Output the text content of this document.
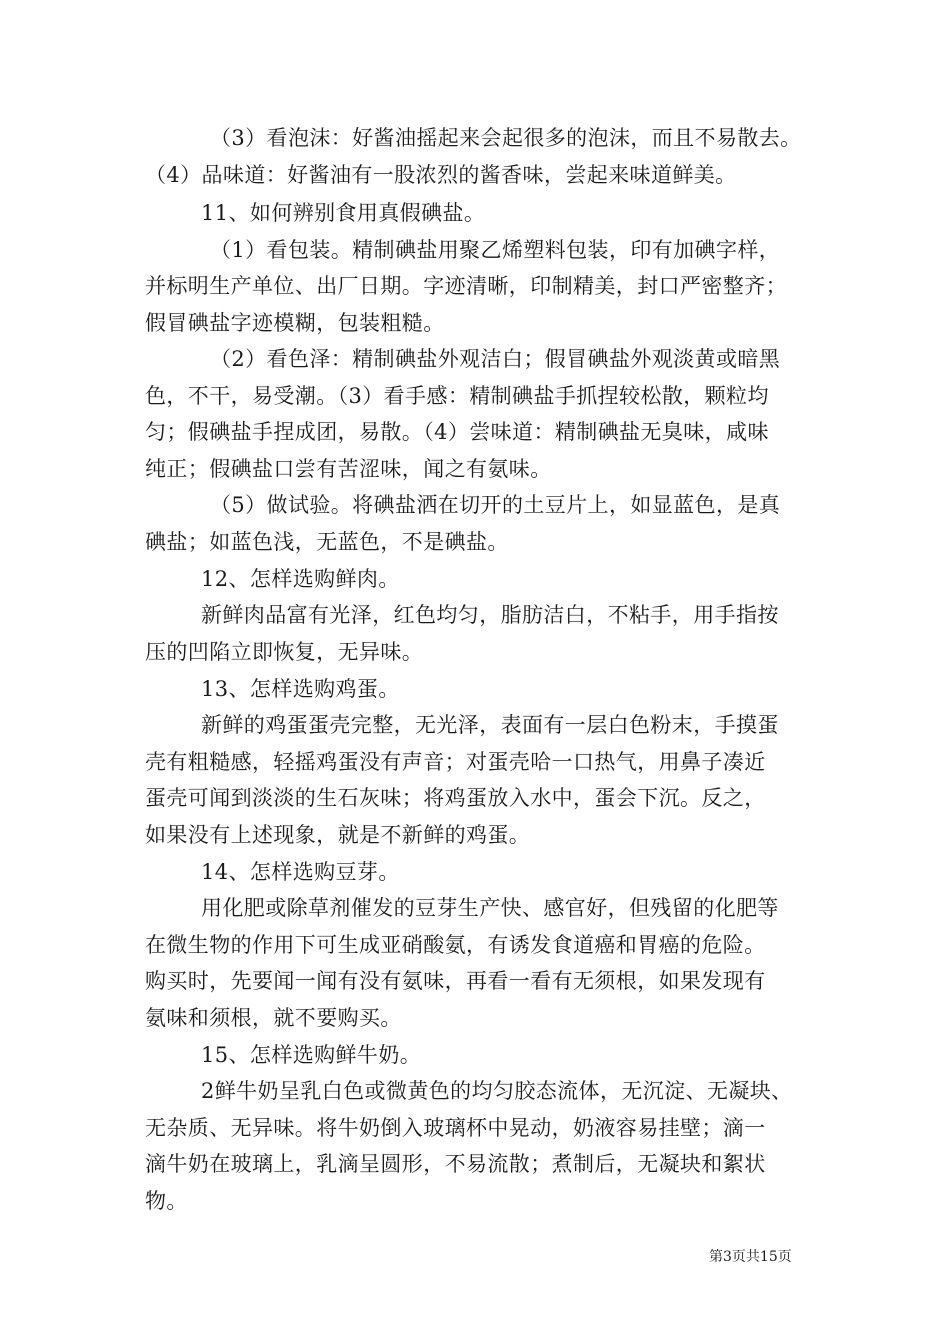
（3）看泡沫：好酱油摇起来会起很多的泡沫，而且不易散去。
（4）品味道：好酱油有一股浓烈的酱香味，尝起来味道鲜美。
11、如何辨别食用真假碘盐。
（1）看包装。精制碘盐用聚乙烯塑料包装，印有加碘字样，
并标明生产单位、出厂日期。字迹清晰，印制精美，封口严密整齐；
假冒碘盐字迹模糊，包装粗糙。
（2）看色泽：精制碘盐外观洁白；假冒碘盐外观淡黄或暗黑
色，不干，易受潮。（3）看手感：精制碘盐手抓捏较松散，颗粒均
匀；假碘盐手捏成团，易散。（4）尝味道：精制碘盐无臭味，咸味
纯正；假碘盐口尝有苦涩味，闻之有氨味。
（5）做试验。将碘盐洒在切开的土豆片上，如显蓝色，是真
碘盐；如蓝色浅，无蓝色，不是碘盐。
12、怎样选购鲜肉。
新鲜肉品富有光泽，红色均匀，脂肪洁白，不粘手，用手指按
压的凹陷立即恢复，无异味。
13、怎样选购鸡蛋。
新鲜的鸡蛋蛋壳完整，无光泽，表面有一层白色粉末，手摸蛋
壳有粗糙感，轻摇鸡蛋没有声音；对蛋壳哈一口热气，用鼻子凑近
蛋壳可闻到淡淡的生石灰味；将鸡蛋放入水中，蛋会下沉。反之，
如果没有上述现象，就是不新鲜的鸡蛋。
14、怎样选购豆芽。
用化肥或除草剂催发的豆芽生产快、感官好，但残留的化肥等
在微生物的作用下可生成亚硝酸氨，有诱发食道癌和胃癌的危险。
购买时，先要闻一闻有没有氨味，再看一看有无须根，如果发现有
氨味和须根，就不要购买。
15、怎样选购鲜牛奶。
2鲜牛奶呈乳白色或微黄色的均匀胶态流体，无沉淀、无凝块、
无杂质、无异味。将牛奶倒入玻璃杯中晃动，奶液容易挂壁；滴一
滴牛奶在玻璃上，乳滴呈圆形，不易流散；煮制后，无凝块和絮状
物。
第3页共15页
